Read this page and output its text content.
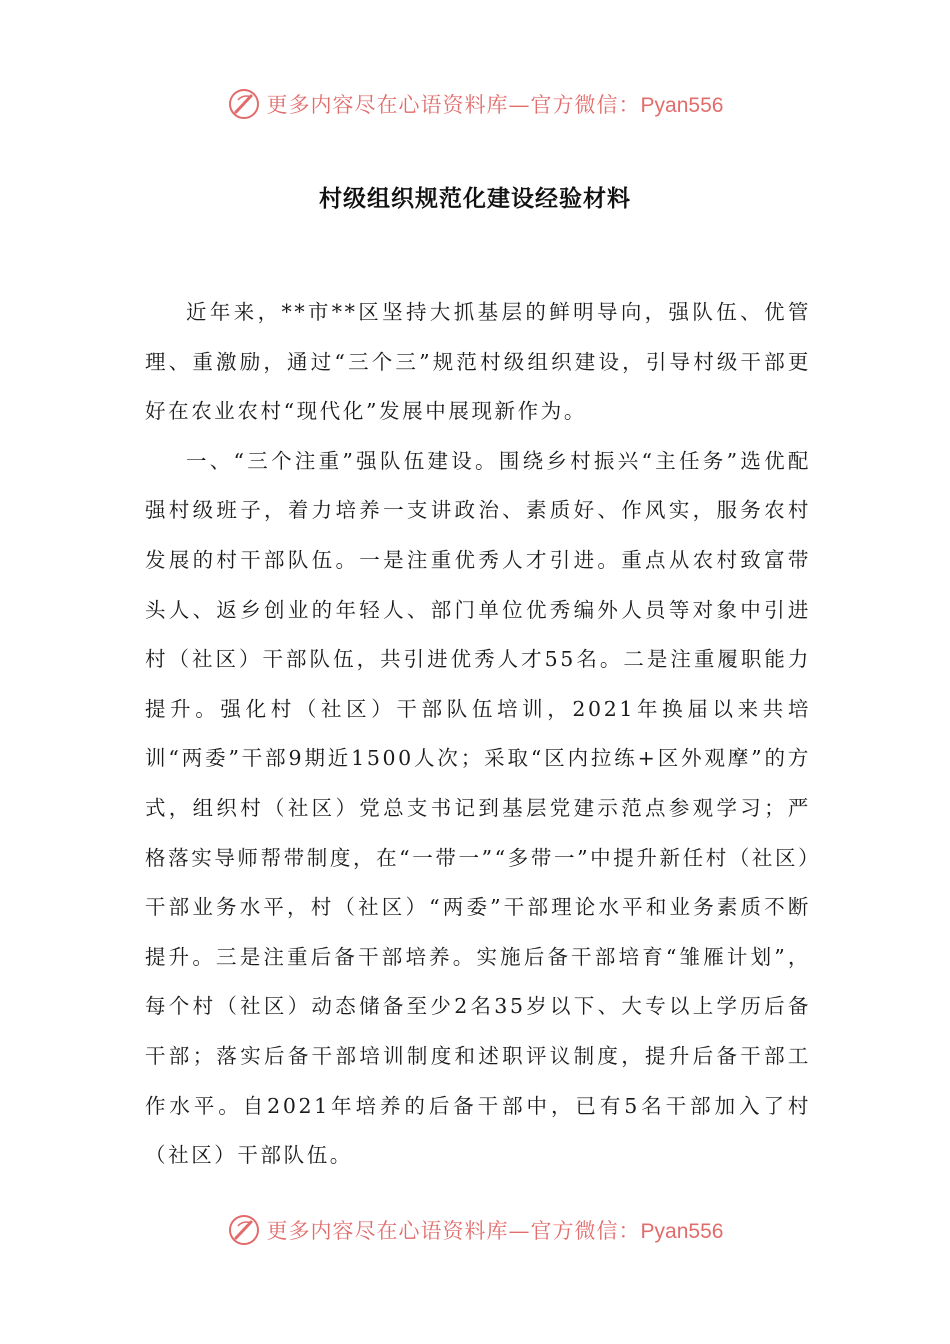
更多内容尽在心语资料库—官方微信：Pyan556
村级组织规范化建设经验材料

近年来，**市**区坚持大抓基层的鲜明导向，强队伍、优管理、重激励，通过“三个三”规范村级组织建设，引导村级干部更好在农业农村“现代化”发展中展现新作为。

一、“三个注重”强队伍建设。围绕乡村振兴“主任务”选优配强村级班子，着力培养一支讲政治、素质好、作风实，服务农村发展的村干部队伍。一是注重优秀人才引进。重点从农村致富带头人、返乡创业的年轻人、部门单位优秀编外人员等对象中引进村（社区）干部队伍，共引进优秀人才55名。二是注重履职能力提升。强化村（社区）干部队伍培训，2021年换届以来共培训“两委”干部9期近1500人次；采取“区内拉练+区外观摩”的方式，组织村（社区）党总支书记到基层党建示范点参观学习；严格落实导师帮带制度，在“一带一”“多带一”中提升新任村（社区）干部业务水平，村（社区）“两委”干部理论水平和业务素质不断提升。三是注重后备干部培养。实施后备干部培育“雏雁计划”，每个村（社区）动态储备至少2名35岁以下、大专以上学历后备干部；落实后备干部培训制度和述职评议制度，提升后备干部工作水平。自2021年培养的后备干部中，已有5名干部加入了村（社区）干部队伍。

更多内容尽在心语资料库—官方微信：Pyan556
